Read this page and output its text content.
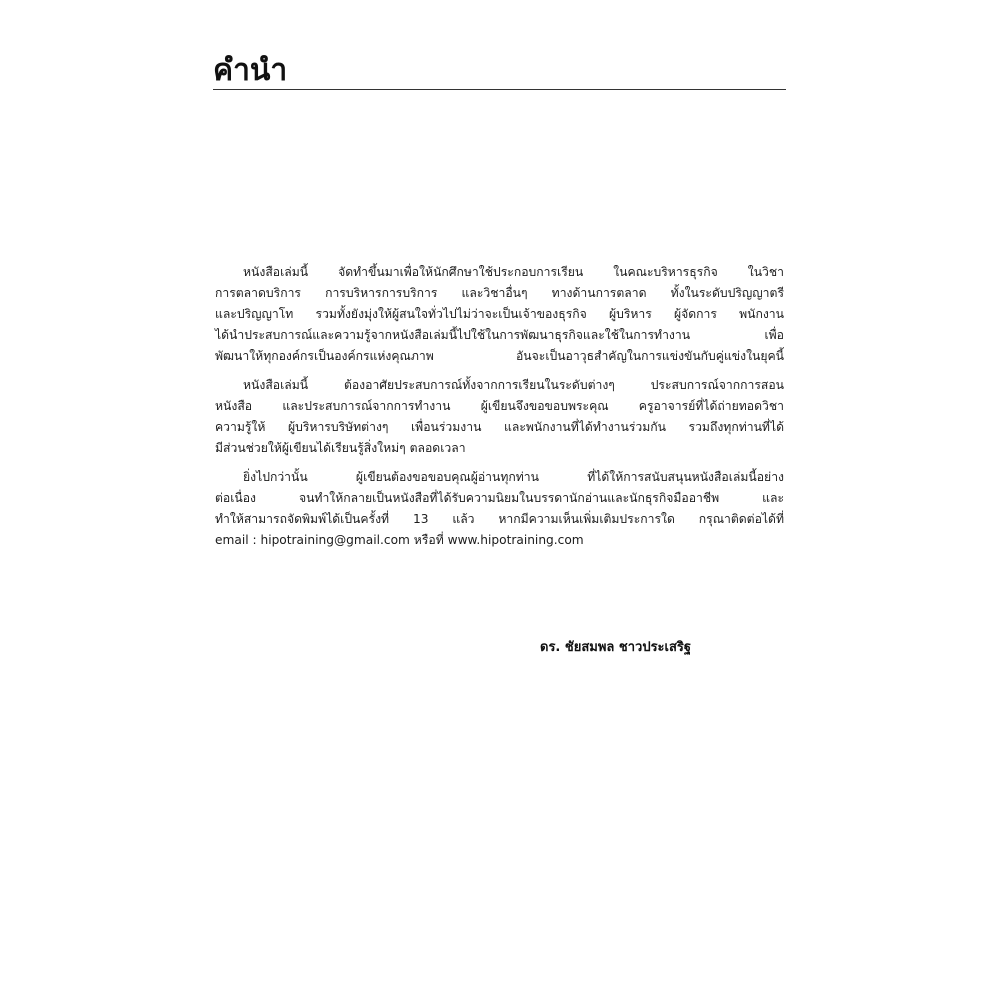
คำนำ
หนังสือเล่มนี้ จัดทำขึ้นมาเพื่อให้นักศึกษาใช้ประกอบการเรียน ในคณะบริหารธุรกิจ ในวิชา
การตลาดบริการ การบริหารการบริการ และวิชาอื่นๆ ทางด้านการตลาด ทั้งในระดับปริญญาตรี
และปริญญาโท รวมทั้งยังมุ่งให้ผู้สนใจทั่วไปไม่ว่าจะเป็นเจ้าของธุรกิจ ผู้บริหาร ผู้จัดการ พนักงาน
ได้นำประสบการณ์และความรู้จากหนังสือเล่มนี้ไปใช้ในการพัฒนาธุรกิจและใช้ในการทำงาน เพื่อ
พัฒนาให้ทุกองค์กรเป็นองค์กรแห่งคุณภาพ อันจะเป็นอาวุธสำคัญในการแข่งขันกับคู่แข่งในยุคนี้
หนังสือเล่มนี้ ต้องอาศัยประสบการณ์ทั้งจากการเรียนในระดับต่างๆ ประสบการณ์จากการสอน
หนังสือ และประสบการณ์จากการทำงาน ผู้เขียนจึงขอขอบพระคุณ ครูอาจารย์ที่ได้ถ่ายทอดวิชา
ความรู้ให้ ผู้บริหารบริษัทต่างๆ เพื่อนร่วมงาน และพนักงานที่ได้ทำงานร่วมกัน รวมถึงทุกท่านที่ได้
มีส่วนช่วยให้ผู้เขียนได้เรียนรู้สิ่งใหม่ๆ ตลอดเวลา
ยิ่งไปกว่านั้น ผู้เขียนต้องขอขอบคุณผู้อ่านทุกท่าน ที่ได้ให้การสนับสนุนหนังสือเล่มนี้อย่าง
ต่อเนื่อง จนทำให้กลายเป็นหนังสือที่ได้รับความนิยมในบรรดานักอ่านและนักธุรกิจมืออาชีพ และ
ทำให้สามารถจัดพิมพ์ได้เป็นครั้งที่ 13 แล้ว หากมีความเห็นเพิ่มเติมประการใด กรุณาติดต่อได้ที่
email : hipotraining@gmail.com หรือที่ www.hipotraining.com
ดร. ชัยสมพล ชาวประเสริฐ
